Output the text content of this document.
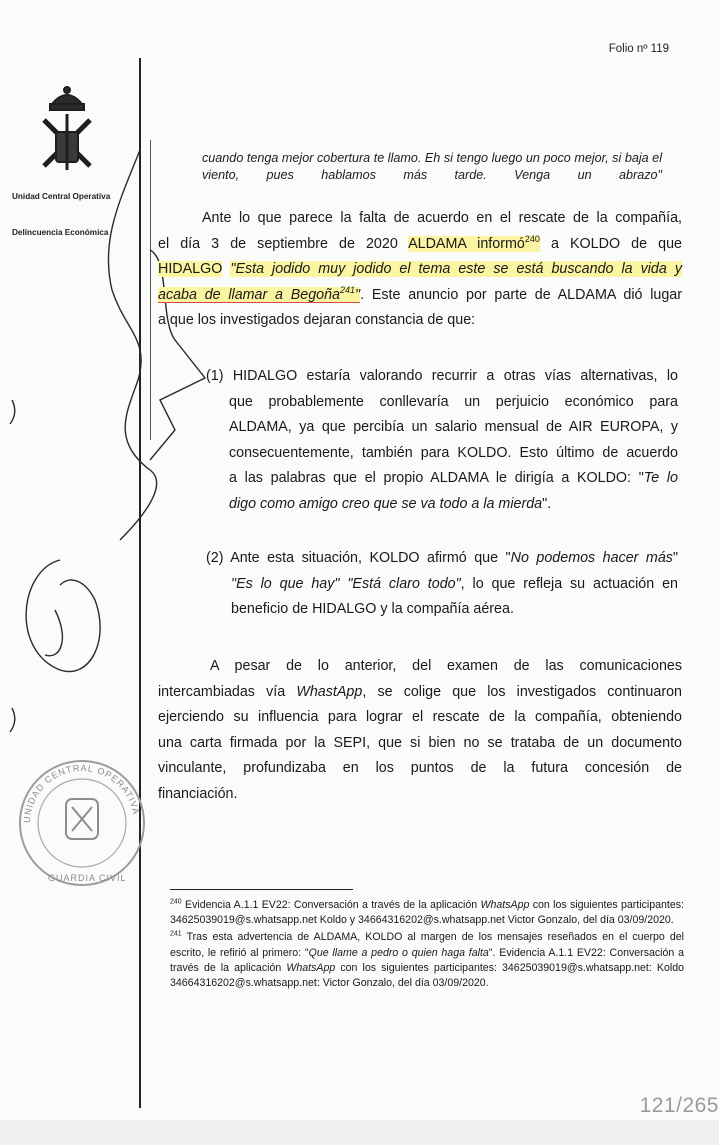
Folio nº 119
Unidad Central Operativa
Delincuencia Económica
UNIDAD CENTRAL OPERATIVA
GUARDIA CIVIL
cuando tenga mejor cobertura te llamo. Eh si tengo luego un poco mejor, si baja el viento, pues hablamos más tarde. Venga un abrazo"
Ante lo que parece la falta de acuerdo en el rescate de la compañía,
el día 3 de septiembre de 2020 ALDAMA informó$^{240}$ a KOLDO de que
HIDALGO "Esta jodido muy jodido el tema este se está buscando la vida y
acaba de llamar a Begoña$^{241}$". Este anuncio por parte de ALDAMA dió lugar
a que los investigados dejaran constancia de que:
(1) HIDALGO estaría valorando recurrir a otras vías alternativas, lo
que probablemente conllevaría un perjuicio económico para
ALDAMA, ya que percibía un salario mensual de AIR EUROPA, y
consecuentemente, también para KOLDO. Esto último de acuerdo
a las palabras que el propio ALDAMA le dirigía a KOLDO: "Te lo
digo como amigo creo que se va todo a la mierda".
(2) Ante esta situación, KOLDO afirmó que "No podemos hacer más"
"Es lo que hay" "Está claro todo", lo que refleja su actuación en
beneficio de HIDALGO y la compañía aérea.
A pesar de lo anterior, del examen de las comunicaciones
intercambiadas vía WhastApp, se colige que los investigados continuaron
ejerciendo su influencia para lograr el rescate de la compañía, obteniendo
una carta firmada por la SEPI, que si bien no se trataba de un documento
vinculante, profundizaba en los puntos de la futura concesión de
financiación.

$^{240}$ Evidencia A.1.1 EV22: Conversación a través de la aplicación WhatsApp con los siguientes participantes: 34625039019@s.whatsapp.net Koldo y 34664316202@s.whatsapp.net Victor Gonzalo, del día 03/09/2020.

$^{241}$ Tras esta advertencia de ALDAMA, KOLDO al margen de los mensajes reseñados en el cuerpo del escrito, le refirió al primero: "Que llame a pedro o quien haga falta". Evidencia A.1.1 EV22: Conversación a través de la aplicación WhatsApp con los siguientes participantes: 34625039019@s.whatsapp.net: Koldo 34664316202@s.whatsapp.net: Victor Gonzalo, del día 03/09/2020.

121/265
